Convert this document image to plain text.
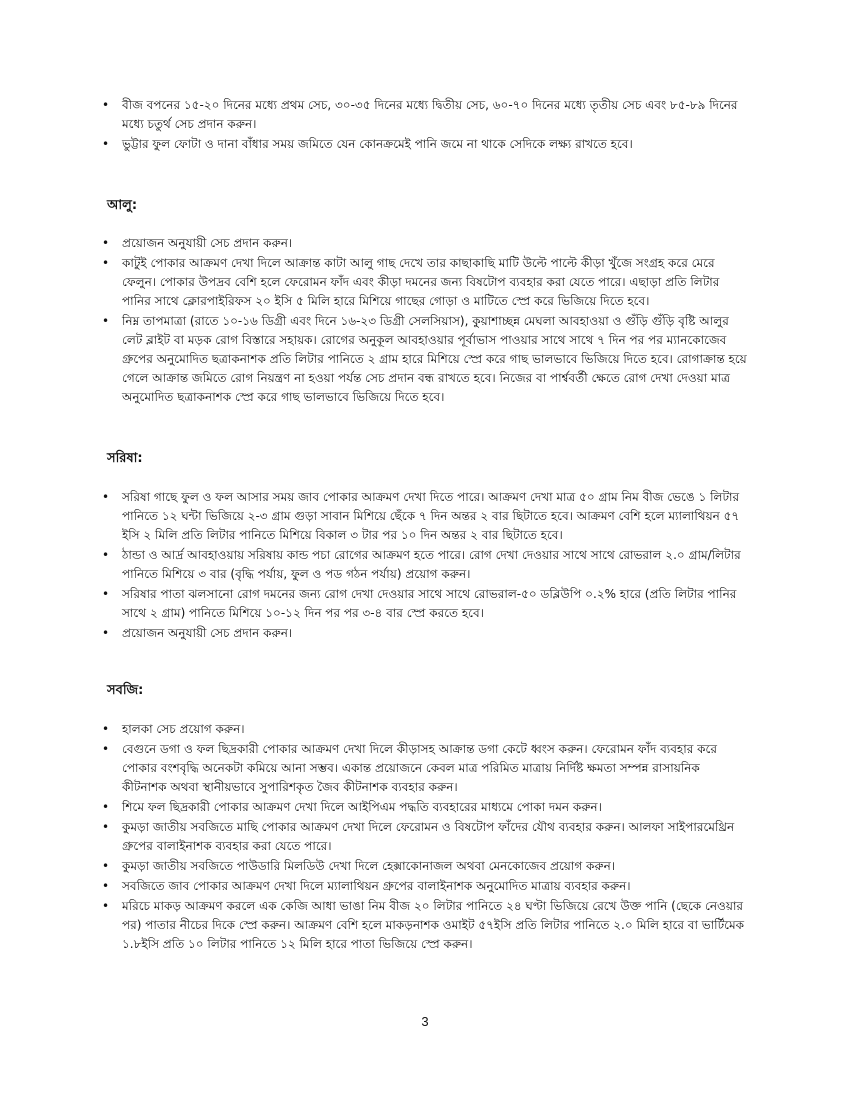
• বীজ বপনের ১৫-২০ দিনের মধ্যে প্রথম সেচ, ৩০-৩৫ দিনের মধ্যে দ্বিতীয় সেচ, ৬০-৭০ দিনের মধ্যে তৃতীয় সেচ এবং ৮৫-৮৯ দিনের মধ্যে চতুর্থ সেচ প্রদান করুন।
• ভুট্টার ফুল ফোটা ও দানা বাঁধার সময় জমিতে যেন কোনক্রমেই পানি জমে না থাকে সেদিকে লক্ষ্য রাখতে হবে।
আলু:
• প্রয়োজন অনুযায়ী সেচ প্রদান করুন।
• কাটুই পোকার আক্রমণ দেখা দিলে আক্রান্ত কাটা আলু গাছ দেখে তার কাছাকাছি মাটি উল্টে পাল্টে কীড়া খুঁজে সংগ্রহ করে মেরে ফেলুন। পোকার উপদ্রব বেশি হলে ফেরোমন ফাঁদ এবং কীড়া দমনের জন্য বিষটোপ ব্যবহার করা যেতে পারে। এছাড়া প্রতি লিটার পানির সাথে ক্লোরপাইরিফস ২০ ইসি ৫ মিলি হারে মিশিয়ে গাছের গোড়া ও মাটিতে স্প্রে করে ভিজিয়ে দিতে হবে।
• নিম্ন তাপমাত্রা (রাতে ১০-১৬ ডিগ্রী এবং দিনে ১৬-২৩ ডিগ্রী সেলসিয়াস), কুয়াশাচ্ছন্ন মেঘলা আবহাওয়া ও গুঁড়ি গুঁড়ি বৃষ্টি আলুর লেট ব্লাইট বা মড়ক রোগ বিস্তারে সহায়ক। রোগের অনুকূল আবহাওয়ার পূর্বাভাস পাওয়ার সাথে সাথে ৭ দিন পর পর ম্যানকোজেব গ্রুপের অনুমোদিত ছত্রাকনাশক প্রতি লিটার পানিতে ২ গ্রাম হারে মিশিয়ে স্প্রে করে গাছ ভালভাবে ভিজিয়ে দিতে হবে। রোগাক্রান্ত হয়ে গেলে আক্রান্ত জমিতে রোগ নিয়ন্ত্রণ না হওয়া পর্যন্ত সেচ প্রদান বন্ধ রাখতে হবে। নিজের বা পার্শ্ববর্তী ক্ষেতে রোগ দেখা দেওয়া মাত্র অনুমোদিত ছত্রাকনাশক স্প্রে করে গাছ ভালভাবে ভিজিয়ে দিতে হবে।
সরিষা:
• সরিষা গাছে ফুল ও ফল আসার সময় জাব পোকার আক্রমণ দেখা দিতে পারে। আক্রমণ দেখা মাত্র ৫০ গ্রাম নিম বীজ ভেঙে ১ লিটার পানিতে ১২ ঘন্টা ভিজিয়ে ২-৩ গ্রাম গুড়া সাবান মিশিয়ে ছেঁকে ৭ দিন অন্তর ২ বার ছিটাতে হবে। আক্রমণ বেশি হলে ম্যালাথিয়ন ৫৭ ইসি ২ মিলি প্রতি লিটার পানিতে মিশিয়ে বিকাল ৩ টার পর ১০ দিন অন্তর ২ বার ছিটাতে হবে।
• ঠান্ডা ও আর্দ্র আবহাওয়ায় সরিষায় কান্ড পচা রোগের আক্রমণ হতে পারে। রোগ দেখা দেওয়ার সাথে সাথে রোভরাল ২.০ গ্রাম/লিটার পানিতে মিশিয়ে ৩ বার (বৃদ্ধি পর্যায়, ফুল ও পড গঠন পর্যায়) প্রয়োগ করুন।
• সরিষার পাতা ঝলসানো রোগ দমনের জন্য রোগ দেখা দেওয়ার সাথে সাথে রোভরাল-৫০ ডব্লিউপি ০.২% হারে (প্রতি লিটার পানির সাথে ২ গ্রাম) পানিতে মিশিয়ে ১০-১২ দিন পর পর ৩-৪ বার স্প্রে করতে হবে।
• প্রয়োজন অনুযায়ী সেচ প্রদান করুন।
সবজি:
• হালকা সেচ প্রয়োগ করুন।
• বেগুনে ডগা ও ফল ছিদ্রকারী পোকার আক্রমণ দেখা দিলে কীড়াসহ আক্রান্ত ডগা কেটে ধ্বংস করুন। ফেরোমন ফাঁদ ব্যবহার করে পোকার বংশবৃদ্ধি অনেকটা কমিয়ে আনা সম্ভব। একান্ত প্রয়োজনে কেবল মাত্র পরিমিত মাত্রায় নির্দিষ্ট ক্ষমতা সম্পন্ন রাসায়নিক কীটনাশক অথবা স্থানীয়ভাবে সুপারিশকৃত জৈব কীটনাশক ব্যবহার করুন।
• শিমে ফল ছিদ্রকারী পোকার আক্রমণ দেখা দিলে আইপিএম পদ্ধতি ব্যবহারের মাধ্যমে পোকা দমন করুন।
• কুমড়া জাতীয় সবজিতে মাছি পোকার আক্রমণ দেখা দিলে ফেরোমন ও বিষটোপ ফাঁদের যৌথ ব্যবহার করুন। আলফা সাইপারমেথ্রিন গ্রুপের বালাইনাশক ব্যবহার করা যেতে পারে।
• কুমড়া জাতীয় সবজিতে পাউডারি মিলডিউ দেখা দিলে হেক্সাকোনাজল অথবা মেনকোজেব প্রয়োগ করুন।
• সবজিতে জাব পোকার আক্রমণ দেখা দিলে ম্যালাথিয়ন গ্রুপের বালাইনাশক অনুমোদিত মাত্রায় ব্যবহার করুন।
• মরিচে মাকড় আক্রমণ করলে এক কেজি আধা ভাঙা নিম বীজ ২০ লিটার পানিতে ২৪ ঘণ্টা ভিজিয়ে রেখে উক্ত পানি (ছেকে নেওয়ার পর) পাতার নীচের দিকে স্প্রে করুন। আক্রমণ বেশি হলে মাকড়নাশক ওমাইট ৫৭ইসি প্রতি লিটার পানিতে ২.০ মিলি হারে বা ভার্টিমেক ১.৮ইসি প্রতি ১০ লিটার পানিতে ১২ মিলি হারে পাতা ভিজিয়ে স্প্রে করুন।
3
